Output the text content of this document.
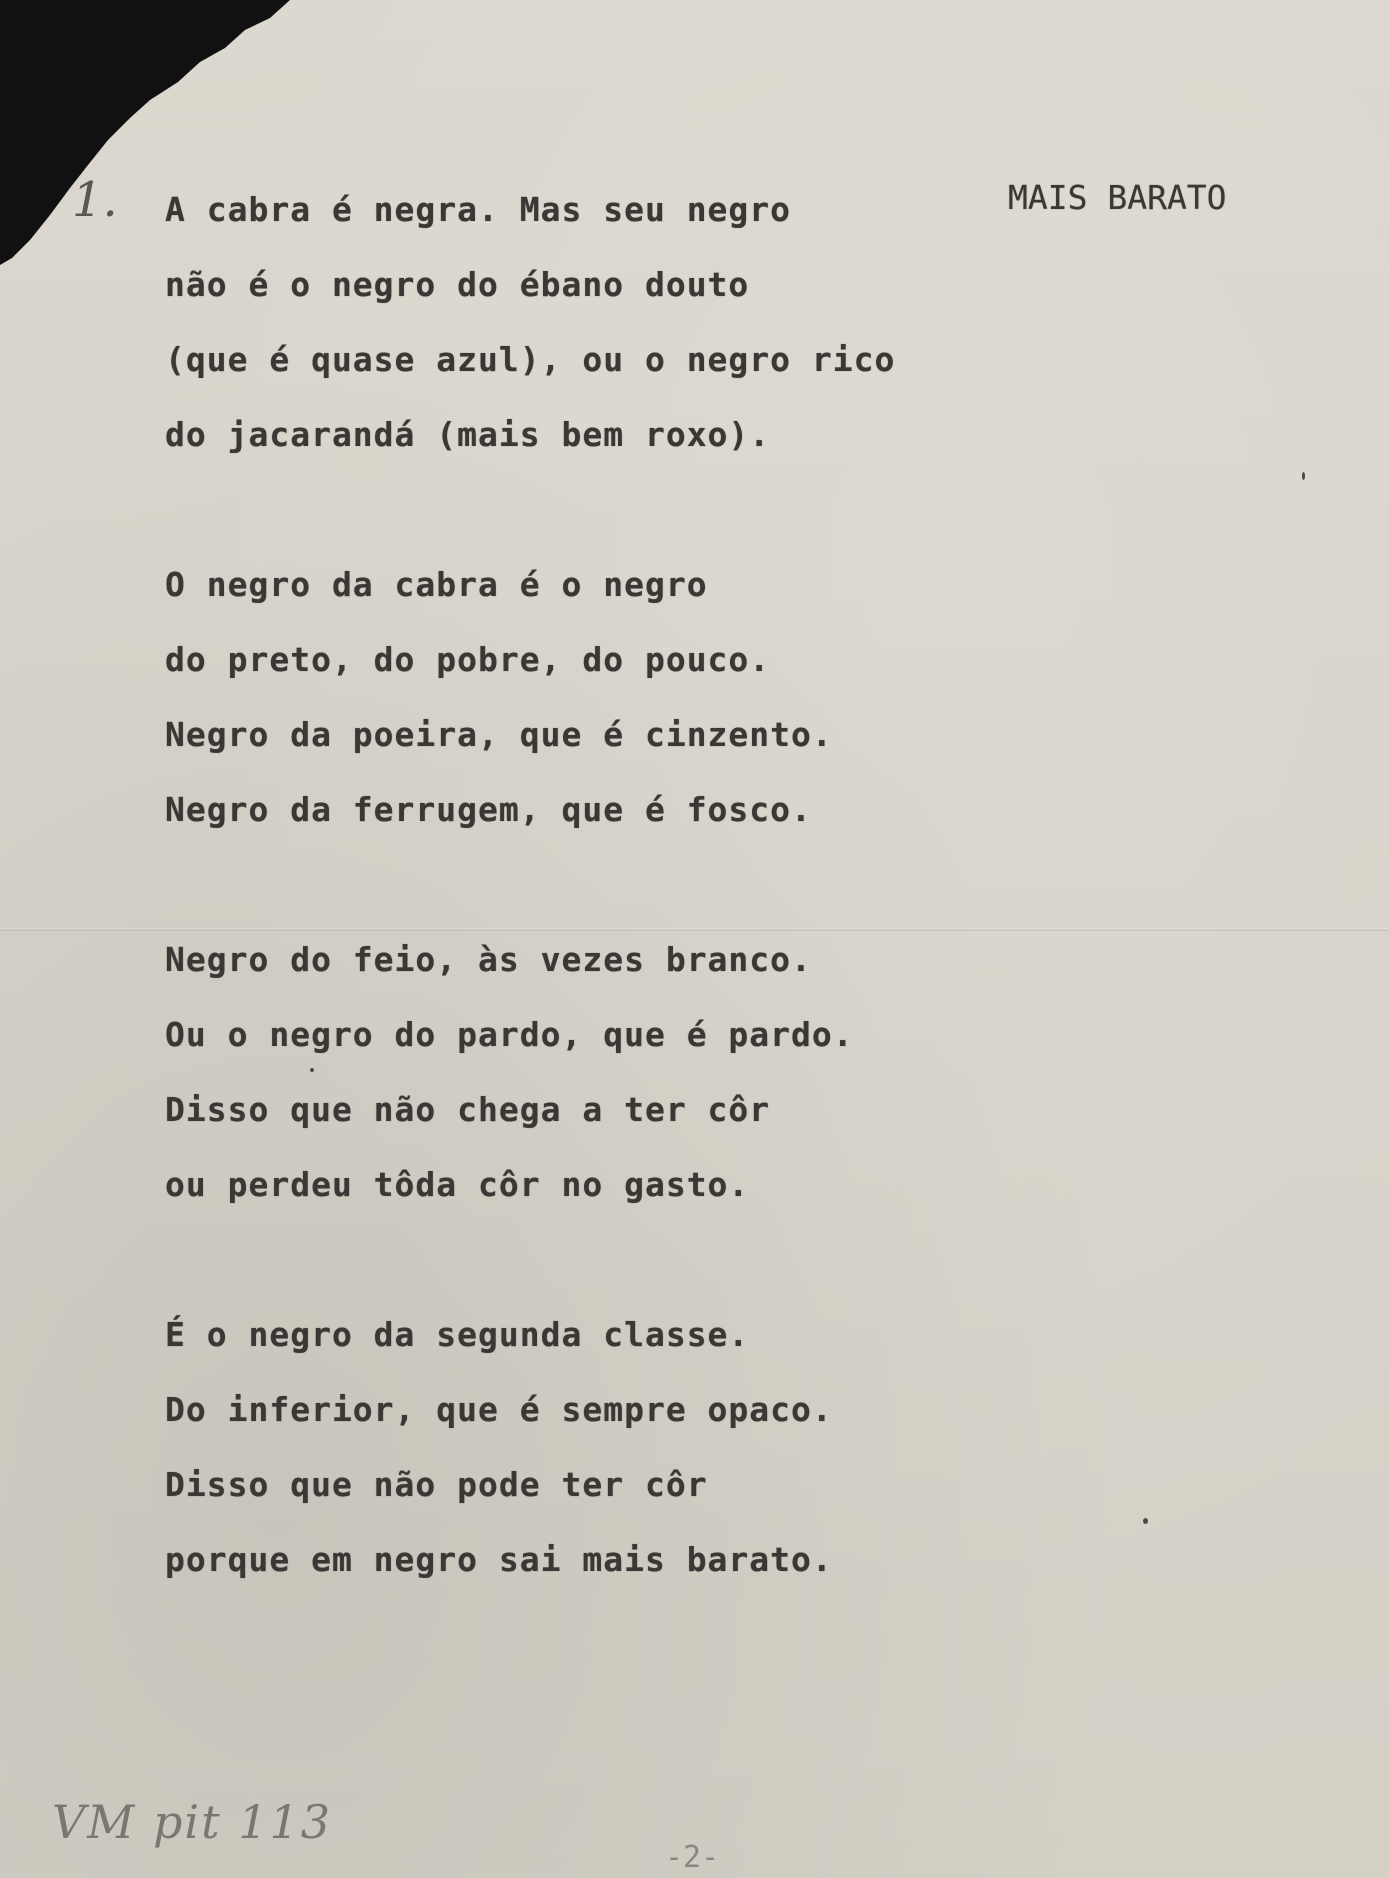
1.	MAIS BARATO
A cabra é negra. Mas seu negro
não é o negro do ébano douto
(que é quase azul), ou o negro rico
do jacarandá (mais bem roxo).
O negro da cabra é o negro
do preto, do pobre, do pouco.
Negro da poeira, que é cinzento.
Negro da ferrugem, que é fosco.
Negro do feio, às vezes branco.
Ou o negro do pardo, que é pardo.
Disso que não chega a ter côr
ou perdeu tôda côr no gasto.
É o negro da segunda classe.
Do inferior, que é sempre opaco.
Disso que não pode ter côr
porque em negro sai mais barato.
VM pit 113
-2-
